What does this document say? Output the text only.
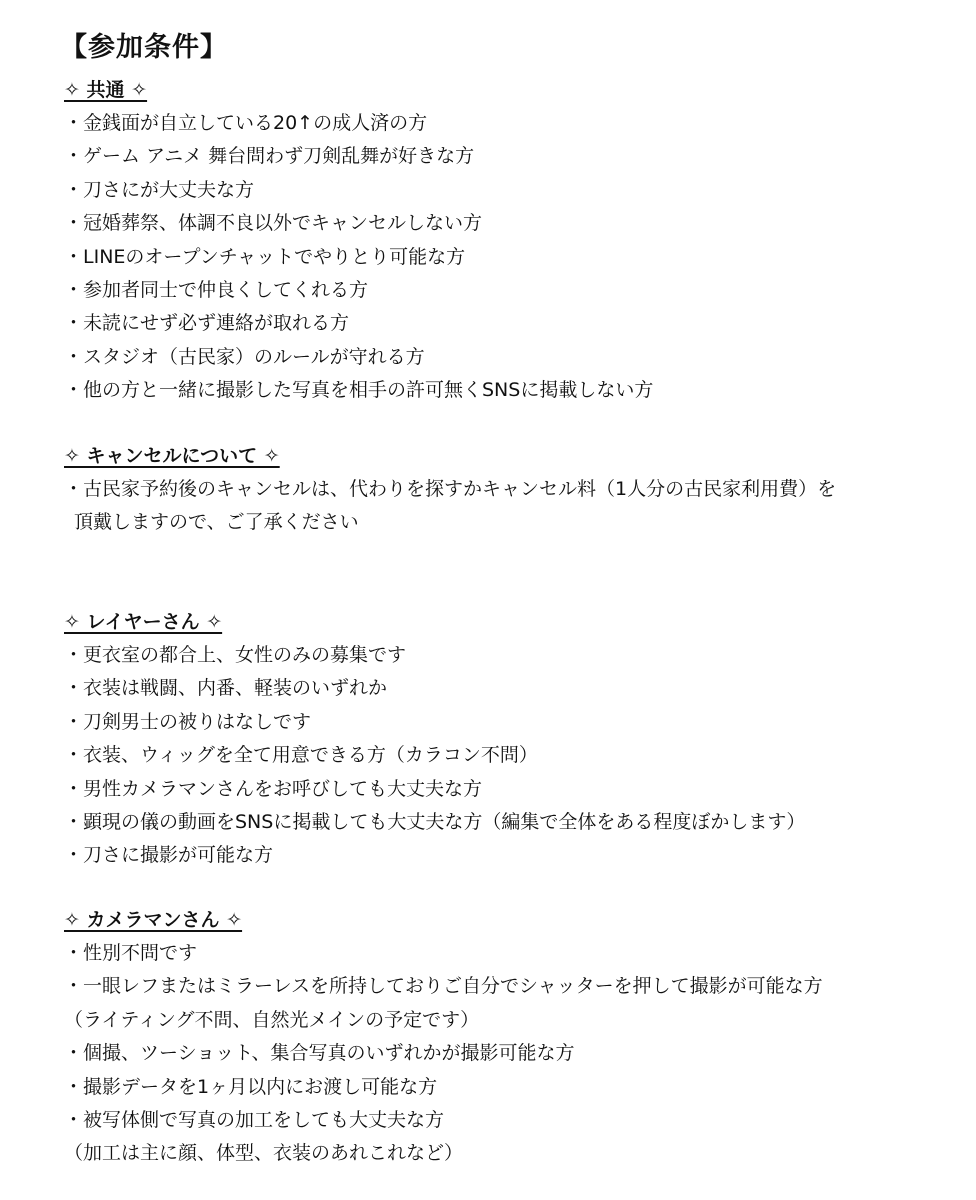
【参加条件】
✧ 共通 ✧
・金銭面が自立している20↑の成人済の方
・ゲーム アニメ 舞台問わず刀剣乱舞が好きな方
・刀さにが大丈夫な方
・冠婚葬祭、体調不良以外でキャンセルしない方
・LINEのオープンチャットでやりとり可能な方
・参加者同士で仲良くしてくれる方
・未読にせず必ず連絡が取れる方
・スタジオ（古民家）のルールが守れる方
・他の方と一緒に撮影した写真を相手の許可無くSNSに掲載しない方
✧ キャンセルについて ✧
・古民家予約後のキャンセルは、代わりを探すかキャンセル料（1人分の古民家利用費）を
頂戴しますので、ご了承ください
✧ レイヤーさん ✧
・更衣室の都合上、女性のみの募集です
・衣装は戦闘、内番、軽装のいずれか
・刀剣男士の被りはなしです
・衣装、ウィッグを全て用意できる方（カラコン不問）
・男性カメラマンさんをお呼びしても大丈夫な方
・顕現の儀の動画をSNSに掲載しても大丈夫な方（編集で全体をある程度ぼかします）
・刀さに撮影が可能な方
✧ カメラマンさん ✧
・性別不問です
・一眼レフまたはミラーレスを所持しておりご自分でシャッターを押して撮影が可能な方
（ライティング不問、自然光メインの予定です）
・個撮、ツーショット、集合写真のいずれかが撮影可能な方
・撮影データを1ヶ月以内にお渡し可能な方
・被写体側で写真の加工をしても大丈夫な方
（加工は主に顔、体型、衣装のあれこれなど）
